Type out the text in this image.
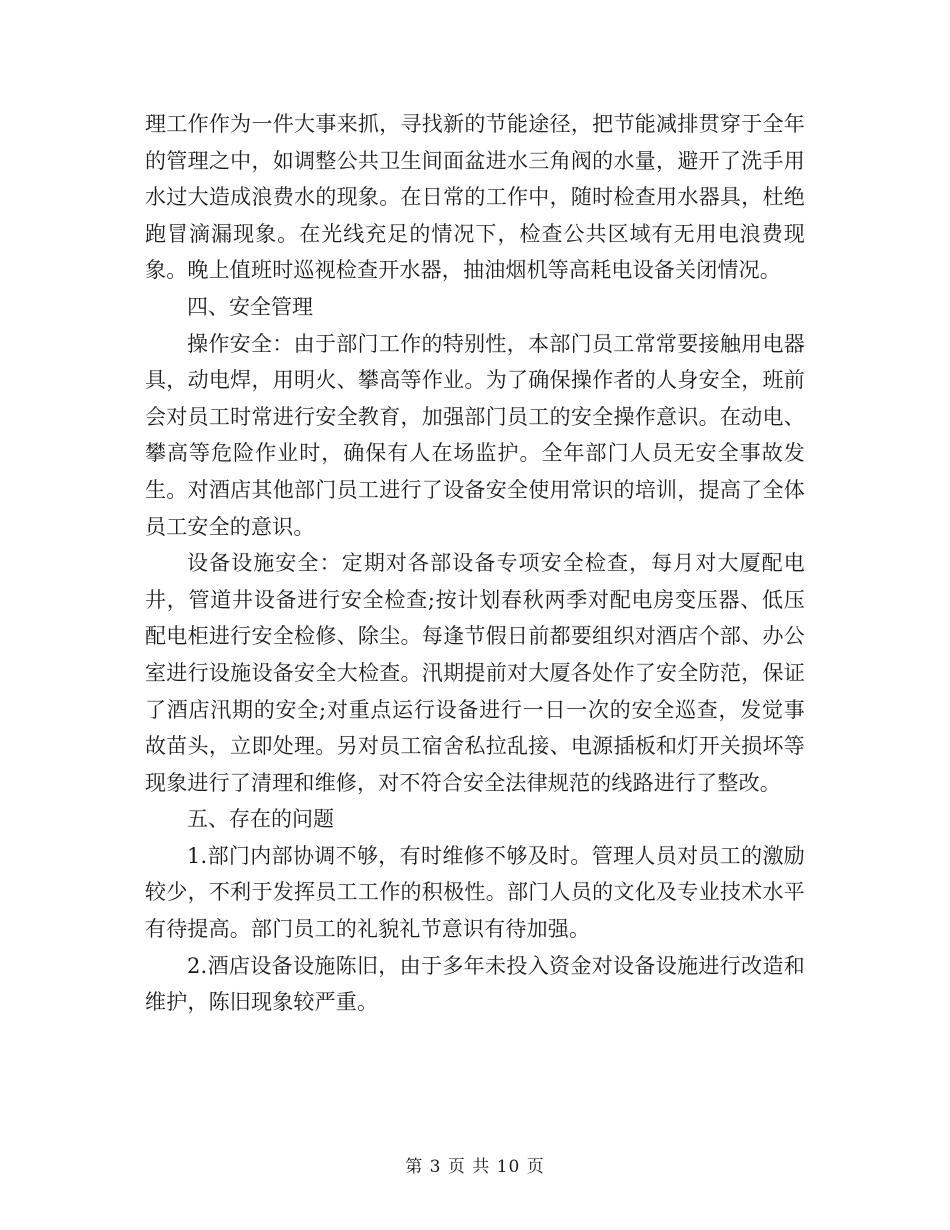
理工作作为一件大事来抓，寻找新的节能途径，把节能减排贯穿于全年的管理之中，如调整公共卫生间面盆进水三角阀的水量，避开了洗手用水过大造成浪费水的现象。在日常的工作中，随时检查用水器具，杜绝跑冒滴漏现象。在光线充足的情况下，检查公共区域有无用电浪费现象。晚上值班时巡视检查开水器，抽油烟机等高耗电设备关闭情况。

四、安全管理

操作安全：由于部门工作的特别性，本部门员工常常要接触用电器具，动电焊，用明火、攀高等作业。为了确保操作者的人身安全，班前会对员工时常进行安全教育，加强部门员工的安全操作意识。在动电、攀高等危险作业时，确保有人在场监护。全年部门人员无安全事故发生。对酒店其他部门员工进行了设备安全使用常识的培训，提高了全体员工安全的意识。

设备设施安全：定期对各部设备专项安全检查，每月对大厦配电井，管道井设备进行安全检查;按计划春秋两季对配电房变压器、低压配电柜进行安全检修、除尘。每逢节假日前都要组织对酒店个部、办公室进行设施设备安全大检查。汛期提前对大厦各处作了安全防范，保证了酒店汛期的安全;对重点运行设备进行一日一次的安全巡查，发觉事故苗头，立即处理。另对员工宿舍私拉乱接、电源插板和灯开关损坏等现象进行了清理和维修，对不符合安全法律规范的线路进行了整改。

五、存在的问题

1.部门内部协调不够，有时维修不够及时。管理人员对员工的激励较少，不利于发挥员工工作的积极性。部门人员的文化及专业技术水平有待提高。部门员工的礼貌礼节意识有待加强。

2.酒店设备设施陈旧，由于多年未投入资金对设备设施进行改造和维护，陈旧现象较严重。

第 3 页 共 10 页
